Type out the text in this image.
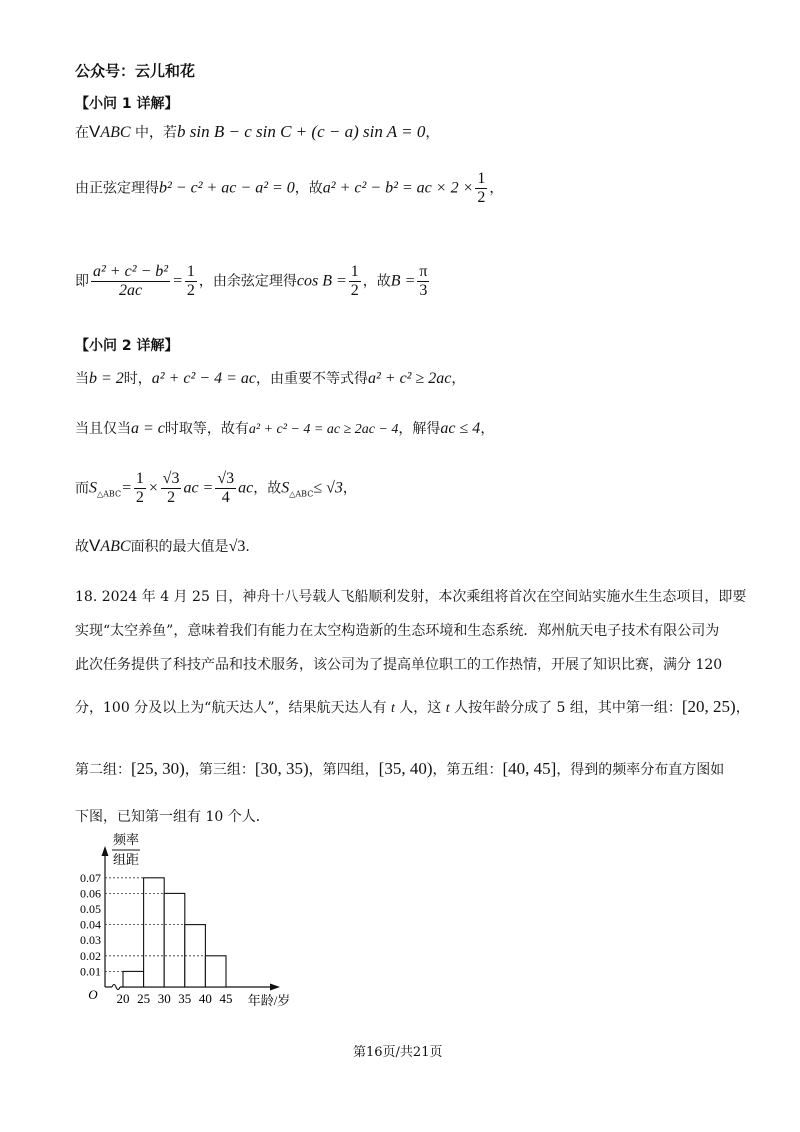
公众号：云儿和花
【小问 1 详解】
在VABC 中，若b sin B − c sin C + (c − a) sin A = 0，
由正弦定理得b² − c² + ac − a² = 0，故a² + c² − b² = ac × $2 \times \frac{1}{2}$ ，
即 $\frac{\text{a² + c² − b²}}{2ac} = \frac{1}{2}$ ，由余弦定理得$\cos B = \frac{1}{2}$ ，故$B = \frac{\pi}{3}$
【小问 2 详解】
当b = 2时，a² + c² − 4 = ac，由重要不等式得a² + c² ≥ 2ac，
当且仅当a = c时取等，故有a² + c² − 4 = ac ≥ 2ac − 4，解得ac ≤ 4，
而$S_{\triangle ABC}= \frac{1}{2} \times \frac{√3}{2}$ ac = $\frac{√3}{4}$ ac，故$S_{\triangle ABC}\le √3$，
故VABC面积的最大值是√3.
18. 2024 年 4 月 25 日，神舟十八号载人飞船顺利发射，本次乘组将首次在空间站实施水生生态项目，即要
实现“太空养鱼”，意味着我们有能力在太空构造新的生态环境和生态系统．郑州航天电子技术有限公司为
此次任务提供了科技产品和技术服务，该公司为了提高单位职工的工作热情，开展了知识比赛，满分 120
分，100 分及以上为“航天达人”，结果航天达人有 t 人，这 t 人按年龄分成了 5 组，其中第一组：[20, 25)，
第二组：[25, 30)，第三组：[30, 35)，第四组，[35, 40)，第五组：[40, 45]，得到的频率分布直方图如
下图，已知第一组有 10 个人．
频率
组距
0.07
0.06
0.05
0.04
0.03
0.02
0.01
20 25 30 35 40 45
O	年龄/岁
第16页/共21页
